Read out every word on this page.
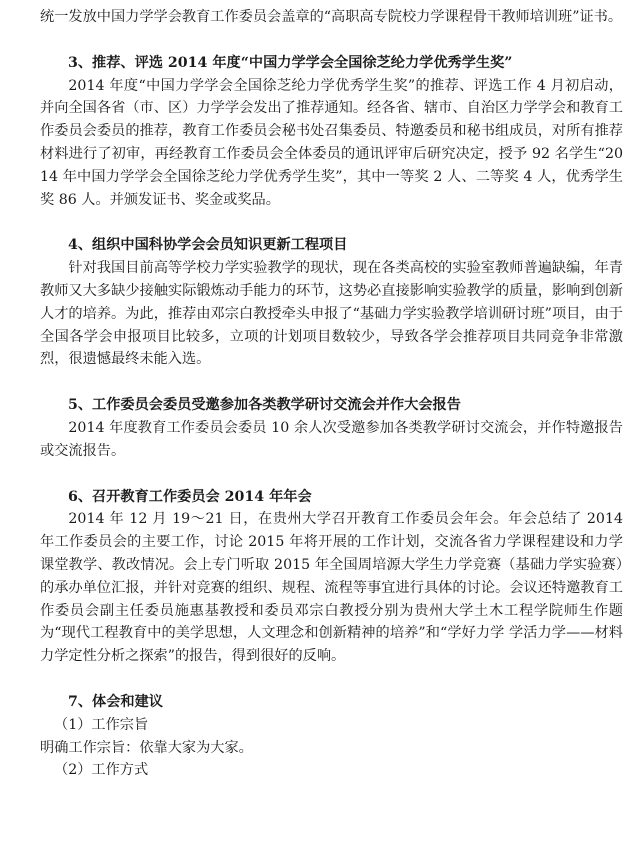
统一发放中国力学学会教育工作委员会盖章的“高职高专院校力学课程骨干教师培训班”证书。

3、推荐、评选 2014 年度“中国力学学会全国徐芝纶力学优秀学生奖”

2014 年度“中国力学学会全国徐芝纶力学优秀学生奖”的推荐、评选工作 4 月初启动，并向全国各省（市、区）力学学会发出了推荐通知。经各省、辖市、自治区力学学会和教育工作委员会委员的推荐，教育工作委员会秘书处召集委员、特邀委员和秘书组成员，对所有推荐材料进行了初审，再经教育工作委员会全体委员的通讯评审后研究决定，授予 92 名学生“2014 年中国力学学会全国徐芝纶力学优秀学生奖”，其中一等奖 2 人、二等奖 4 人，优秀学生奖 86 人。并颁发证书、奖金或奖品。

4、组织中国科协学会会员知识更新工程项目

针对我国目前高等学校力学实验教学的现状，现在各类高校的实验室教师普遍缺编，年青教师又大多缺少接触实际锻炼动手能力的环节，这势必直接影响实验教学的质量，影响到创新人才的培养。为此，推荐由邓宗白教授牵头申报了“基础力学实验教学培训研讨班”项目，由于全国各学会申报项目比较多，立项的计划项目数较少，导致各学会推荐项目共同竞争非常激烈，很遗憾最终未能入选。

5、工作委员会委员受邀参加各类教学研讨交流会并作大会报告

2014 年度教育工作委员会委员 10 余人次受邀参加各类教学研讨交流会，并作特邀报告或交流报告。

6、召开教育工作委员会 2014 年年会

2014 年 12 月 19～21 日，在贵州大学召开教育工作委员会年会。年会总结了 2014 年工作委员会的主要工作，讨论 2015 年将开展的工作计划，交流各省力学课程建设和力学课堂教学、教改情况。会上专门听取 2015 年全国周培源大学生力学竞赛（基础力学实验赛）的承办单位汇报，并针对竞赛的组织、规程、流程等事宜进行具体的讨论。会议还特邀教育工作委员会副主任委员施惠基教授和委员邓宗白教授分别为贵州大学土木工程学院师生作题为“现代工程教育中的美学思想，人文理念和创新精神的培养”和“学好力学 学活力学——材料力学定性分析之探索”的报告，得到很好的反响。

7、体会和建议

（1）工作宗旨

明确工作宗旨：依靠大家为大家。

（2）工作方式
